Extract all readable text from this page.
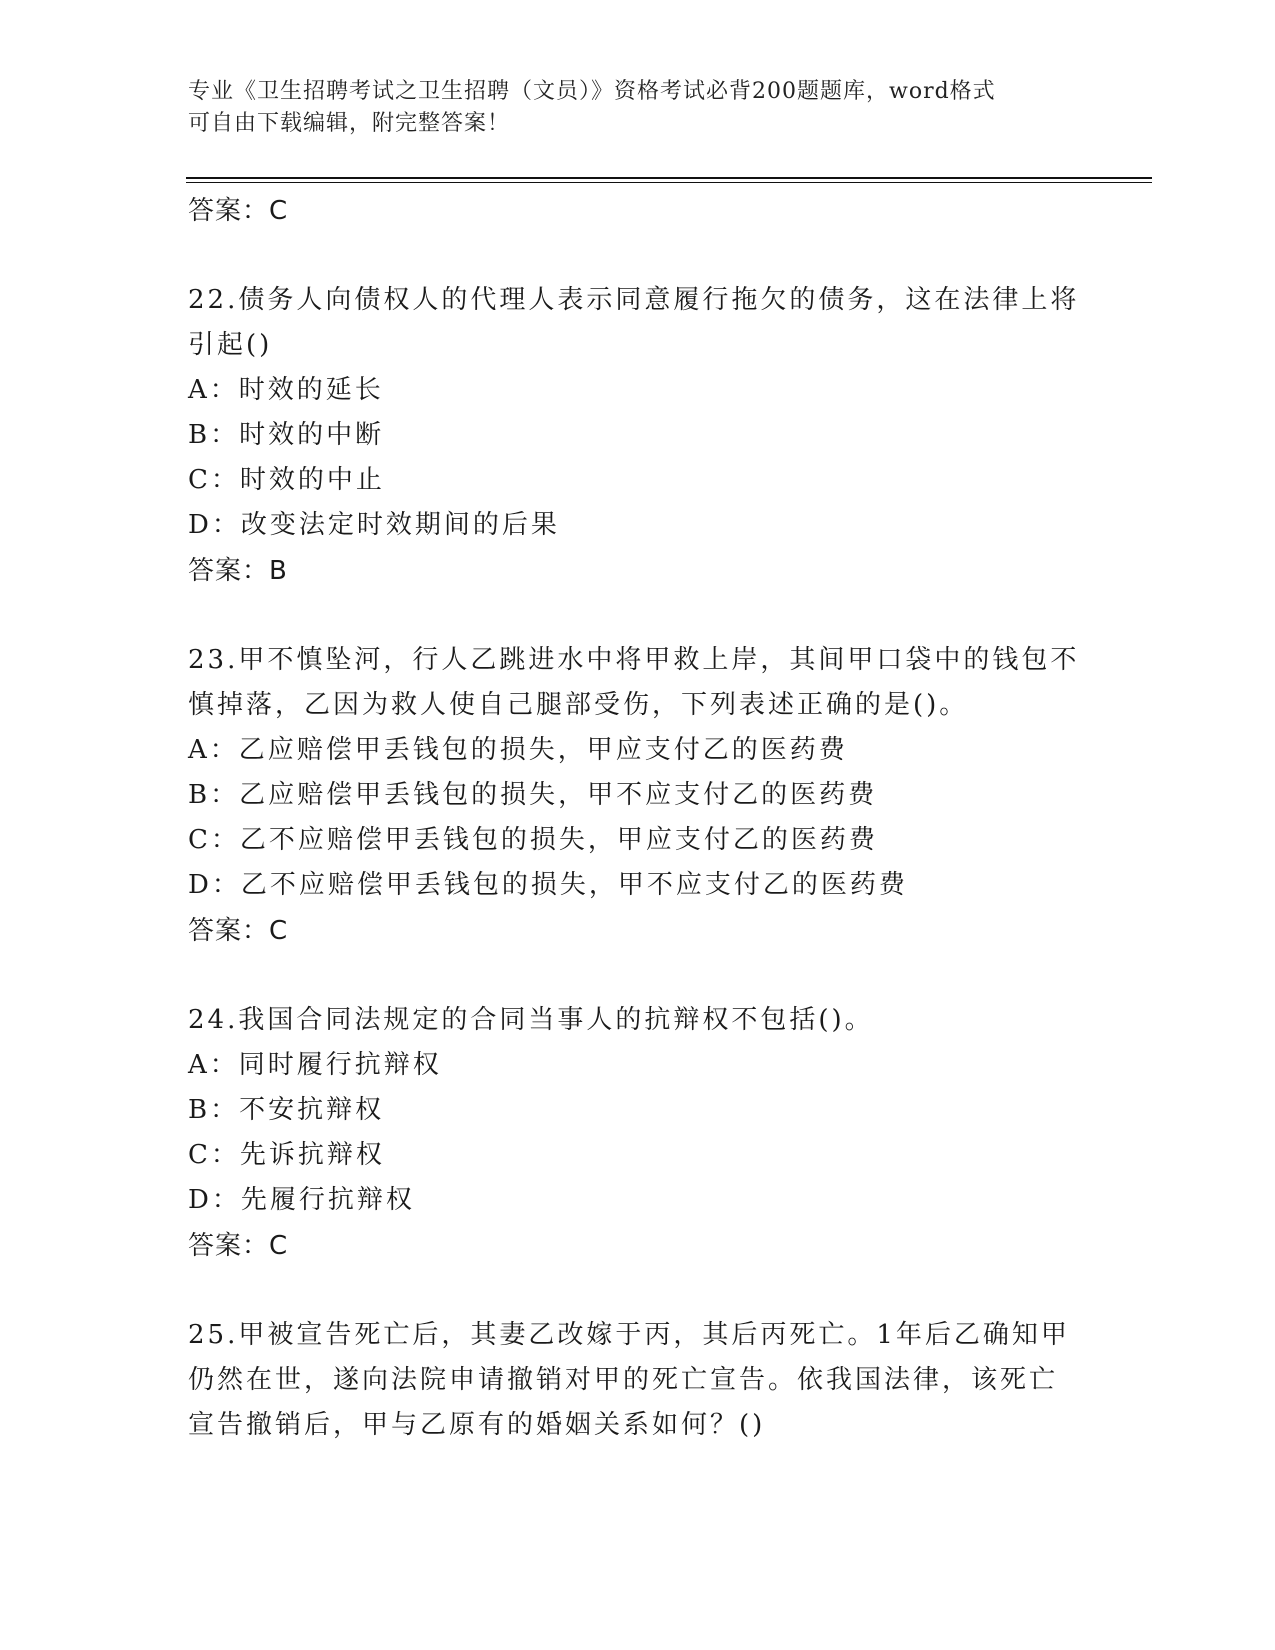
专业《卫生招聘考试之卫生招聘（文员）》资格考试必背200题题库，word格式
可自由下载编辑，附完整答案！
答案：C
22.债务人向债权人的代理人表示同意履行拖欠的债务，这在法律上将
引起()
A：时效的延长
B：时效的中断
C：时效的中止
D：改变法定时效期间的后果
答案：B
23.甲不慎坠河，行人乙跳进水中将甲救上岸，其间甲口袋中的钱包不
慎掉落，乙因为救人使自己腿部受伤，下列表述正确的是()。
A：乙应赔偿甲丢钱包的损失，甲应支付乙的医药费
B：乙应赔偿甲丢钱包的损失，甲不应支付乙的医药费
C：乙不应赔偿甲丢钱包的损失，甲应支付乙的医药费
D：乙不应赔偿甲丢钱包的损失，甲不应支付乙的医药费
答案：C
24.我国合同法规定的合同当事人的抗辩权不包括()。
A：同时履行抗辩权
B：不安抗辩权
C：先诉抗辩权
D：先履行抗辩权
答案：C
25.甲被宣告死亡后，其妻乙改嫁于丙，其后丙死亡。1年后乙确知甲
仍然在世，遂向法院申请撤销对甲的死亡宣告。依我国法律，该死亡
宣告撤销后，甲与乙原有的婚姻关系如何？()
